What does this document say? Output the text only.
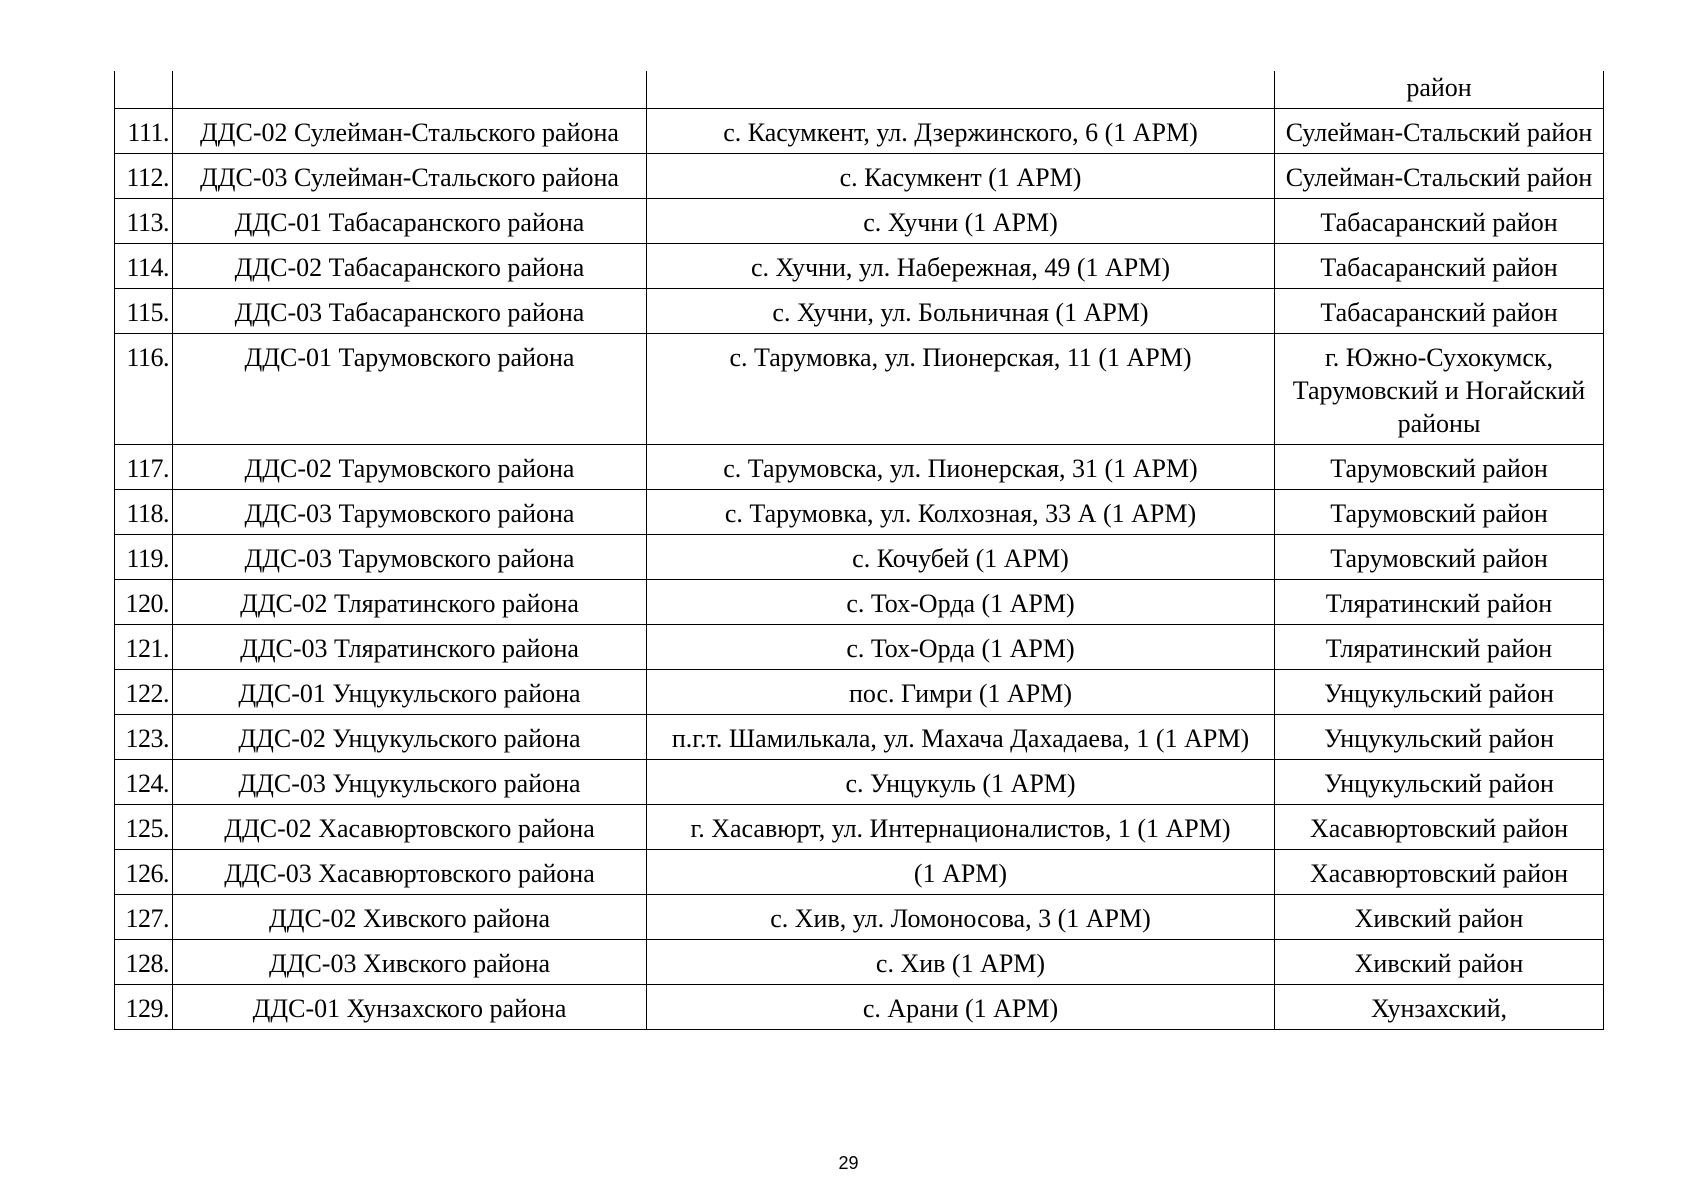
			район
111.	ДДС-02 Сулейман-Стальского района	с. Касумкент, ул. Дзержинского, 6 (1 АРМ)	Сулейман-Стальский район
112.	ДДС-03 Сулейман-Стальского района	с. Касумкент (1 АРМ)	Сулейман-Стальский район
113.	ДДС-01 Табасаранского района	с. Хучни (1 АРМ)	Табасаранский район
114.	ДДС-02 Табасаранского района	с. Хучни, ул. Набережная, 49 (1 АРМ)	Табасаранский район
115.	ДДС-03 Табасаранского района	с. Хучни, ул. Больничная (1 АРМ)	Табасаранский район
116.	ДДС-01 Тарумовского района	с. Тарумовка, ул. Пионерская, 11 (1 АРМ)	г. Южно-Сухокумск, Тарумовский и Ногайский районы
117.	ДДС-02 Тарумовского района	с. Тарумовска, ул. Пионерская, 31 (1 АРМ)	Тарумовский район
118.	ДДС-03 Тарумовского района	с. Тарумовка, ул. Колхозная, 33 А (1 АРМ)	Тарумовский район
119.	ДДС-03 Тарумовского района	с. Кочубей (1 АРМ)	Тарумовский район
120.	ДДС-02 Тляратинского района	с. Тох-Орда (1 АРМ)	Тляратинский район
121.	ДДС-03 Тляратинского района	с. Тох-Орда (1 АРМ)	Тляратинский район
122.	ДДС-01 Унцукульского района	пос. Гимри (1 АРМ)	Унцукульский район
123.	ДДС-02 Унцукульского района	п.г.т. Шамилькала, ул. Махача Дахадаева, 1 (1 АРМ)	Унцукульский район
124.	ДДС-03 Унцукульского района	с. Унцукуль (1 АРМ)	Унцукульский район
125.	ДДС-02 Хасавюртовского района	г. Хасавюрт, ул. Интернационалистов, 1 (1 АРМ)	Хасавюртовский район
126.	ДДС-03 Хасавюртовского района	(1 АРМ)	Хасавюртовский район
127.	ДДС-02 Хивского района	с. Хив, ул. Ломоносова, 3 (1 АРМ)	Хивский район
128.	ДДС-03 Хивского района	с. Хив (1 АРМ)	Хивский район
129.	ДДС-01 Хунзахского района	с. Арани (1 АРМ)	Хунзахский,
29
